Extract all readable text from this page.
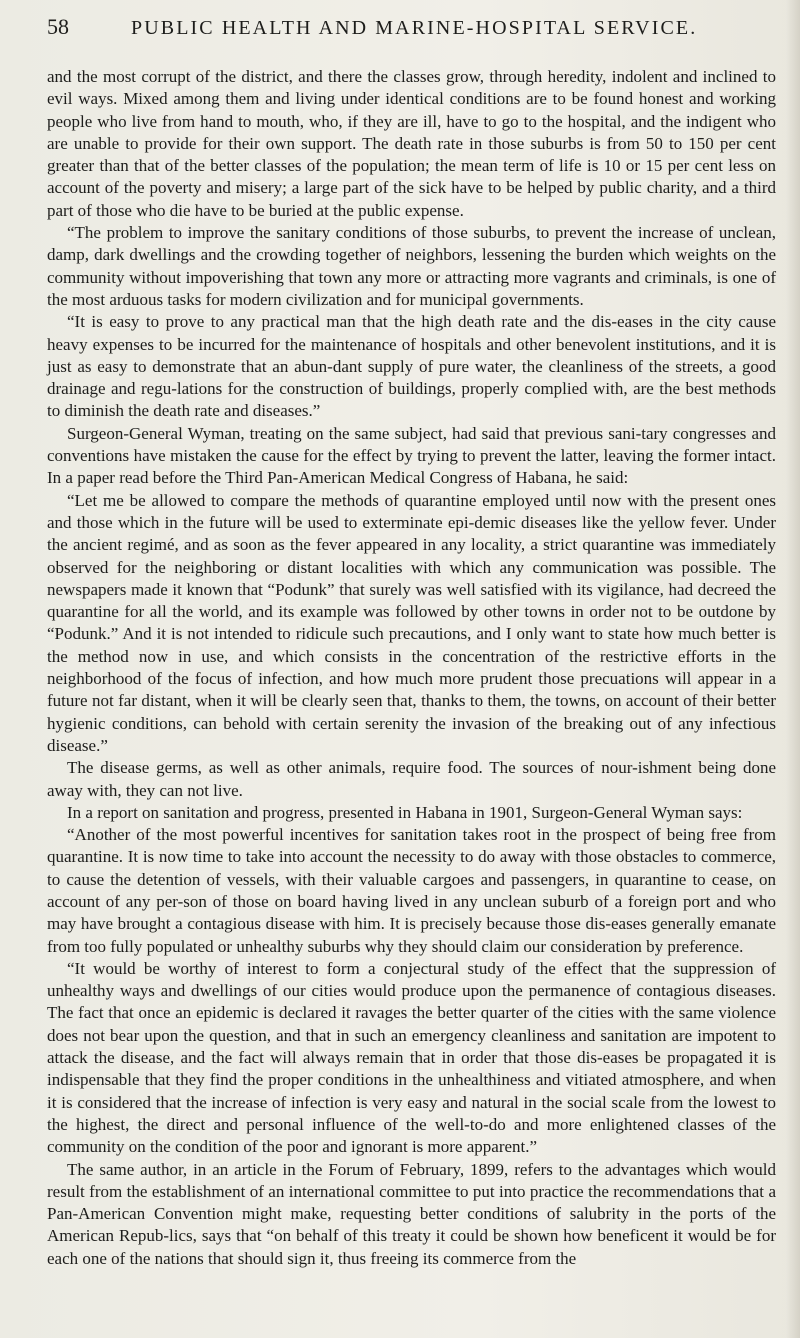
58	PUBLIC HEALTH AND MARINE-HOSPITAL SERVICE.

and the most corrupt of the district, and there the classes grow, through heredity, indolent and inclined to evil ways. Mixed among them and living under identical conditions are to be found honest and working people who live from hand to mouth, who, if they are ill, have to go to the hospital, and the indigent who are unable to provide for their own support. The death rate in those suburbs is from 50 to 150 per cent greater than that of the better classes of the population; the mean term of life is 10 or 15 per cent less on account of the poverty and misery; a large part of the sick have to be helped by public charity, and a third part of those who die have to be buried at the public expense.

“The problem to improve the sanitary conditions of those suburbs, to prevent the increase of unclean, damp, dark dwellings and the crowding together of neighbors, lessening the burden which weights on the community without impoverishing that town any more or attracting more vagrants and criminals, is one of the most arduous tasks for modern civilization and for municipal governments.

“It is easy to prove to any practical man that the high death rate and the dis-eases in the city cause heavy expenses to be incurred for the maintenance of hospitals and other benevolent institutions, and it is just as easy to demonstrate that an abun-dant supply of pure water, the cleanliness of the streets, a good drainage and regu-lations for the construction of buildings, properly complied with, are the best methods to diminish the death rate and diseases.”

Surgeon-General Wyman, treating on the same subject, had said that previous sani-tary congresses and conventions have mistaken the cause for the effect by trying to prevent the latter, leaving the former intact. In a paper read before the Third Pan-American Medical Congress of Habana, he said:

“Let me be allowed to compare the methods of quarantine employed until now with the present ones and those which in the future will be used to exterminate epi-demic diseases like the yellow fever. Under the ancient regimé, and as soon as the fever appeared in any locality, a strict quarantine was immediately observed for the neighboring or distant localities with which any communication was possible. The newspapers made it known that “Podunk” that surely was well satisfied with its vigilance, had decreed the quarantine for all the world, and its example was followed by other towns in order not to be outdone by “Podunk.” And it is not intended to ridicule such precautions, and I only want to state how much better is the method now in use, and which consists in the concentration of the restrictive efforts in the neighborhood of the focus of infection, and how much more prudent those precuations will appear in a future not far distant, when it will be clearly seen that, thanks to them, the towns, on account of their better hygienic conditions, can behold with certain serenity the invasion of the breaking out of any infectious disease.”

The disease germs, as well as other animals, require food. The sources of nour-ishment being done away with, they can not live.

In a report on sanitation and progress, presented in Habana in 1901, Surgeon-General Wyman says:

“Another of the most powerful incentives for sanitation takes root in the prospect of being free from quarantine. It is now time to take into account the necessity to do away with those obstacles to commerce, to cause the detention of vessels, with their valuable cargoes and passengers, in quarantine to cease, on account of any per-son of those on board having lived in any unclean suburb of a foreign port and who may have brought a contagious disease with him. It is precisely because those dis-eases generally emanate from too fully populated or unhealthy suburbs why they should claim our consideration by preference.

“It would be worthy of interest to form a conjectural study of the effect that the suppression of unhealthy ways and dwellings of our cities would produce upon the permanence of contagious diseases. The fact that once an epidemic is declared it ravages the better quarter of the cities with the same violence does not bear upon the question, and that in such an emergency cleanliness and sanitation are impotent to attack the disease, and the fact will always remain that in order that those dis-eases be propagated it is indispensable that they find the proper conditions in the unhealthiness and vitiated atmosphere, and when it is considered that the increase of infection is very easy and natural in the social scale from the lowest to the highest, the direct and personal influence of the well-to-do and more enlightened classes of the community on the condition of the poor and ignorant is more apparent.”

The same author, in an article in the Forum of February, 1899, refers to the advantages which would result from the establishment of an international committee to put into practice the recommendations that a Pan-American Convention might make, requesting better conditions of salubrity in the ports of the American Repub-lics, says that “on behalf of this treaty it could be shown how beneficent it would be for each one of the nations that should sign it, thus freeing its commerce from the
